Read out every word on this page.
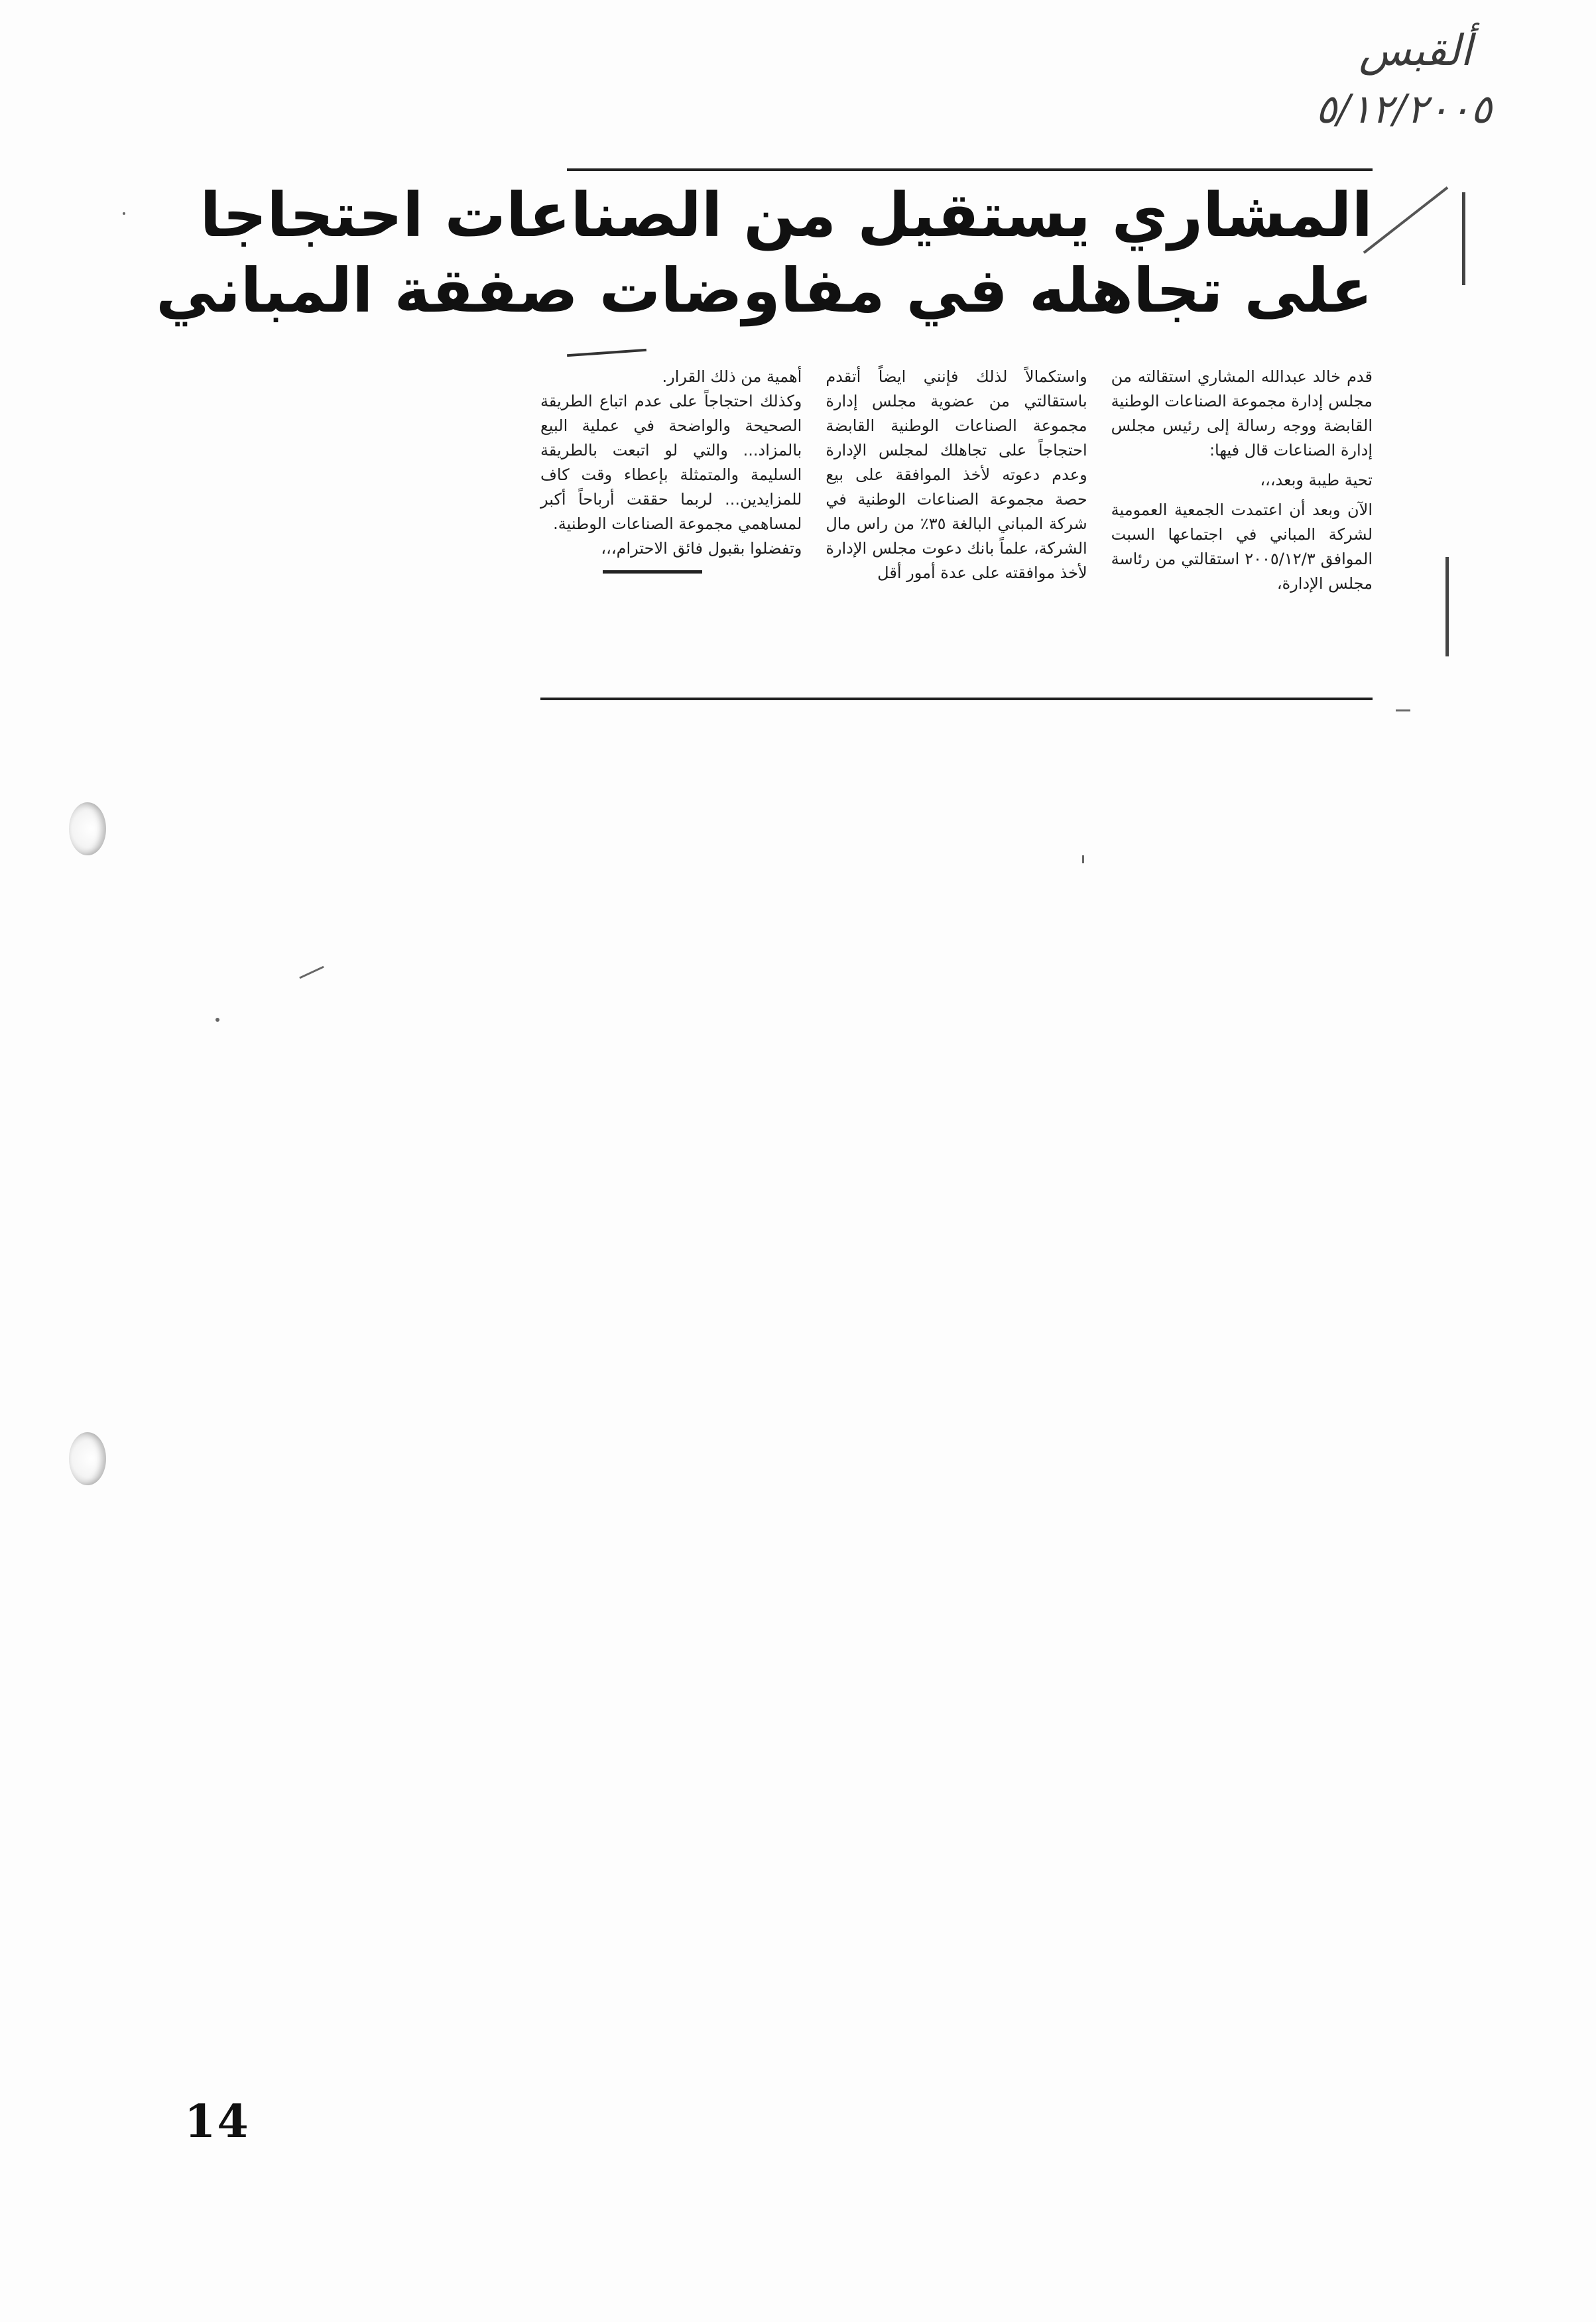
ألقبس
٥/١٢/٢٠٠٥
المشاري يستقيل من الصناعات احتجاجا
على تجاهله في مفاوضات صفقة المباني

قدم خالد عبدالله المشاري استقالته من مجلس إدارة مجموعة الصناعات الوطنية القابضة ووجه رسالة إلى رئيس مجلس إدارة الصناعات قال فيها:

تحية طيبة وبعد،،،

الآن وبعد أن اعتمدت الجمعية العمومية لشركة المباني في اجتماعها السبت الموافق ٢٠٠٥/١٢/٣ استقالتي من رئاسة مجلس الإدارة،

واستكمالاً لذلك فإنني ايضاً أتقدم باستقالتي من عضوية مجلس إدارة مجموعة الصناعات الوطنية القابضة احتجاجاً على تجاهلك لمجلس الإدارة وعدم دعوته لأخذ الموافقة على بيع حصة مجموعة الصناعات الوطنية في شركة المباني البالغة ٣٥٪ من راس مال الشركة، علماً بانك دعوت مجلس الإدارة لأخذ موافقته على عدة أمور أقل

أهمية من ذلك القرار.

وكذلك احتجاجاً على عدم اتباع الطريقة الصحيحة والواضحة في عملية البيع بالمزاد... والتي لو اتبعت بالطريقة السليمة والمتمثلة بإعطاء وقت كاف للمزايدين... لربما حققت أرباحاً أكبر لمساهمي مجموعة الصناعات الوطنية.

وتفضلوا بقبول فائق الاحترام،،،

14
